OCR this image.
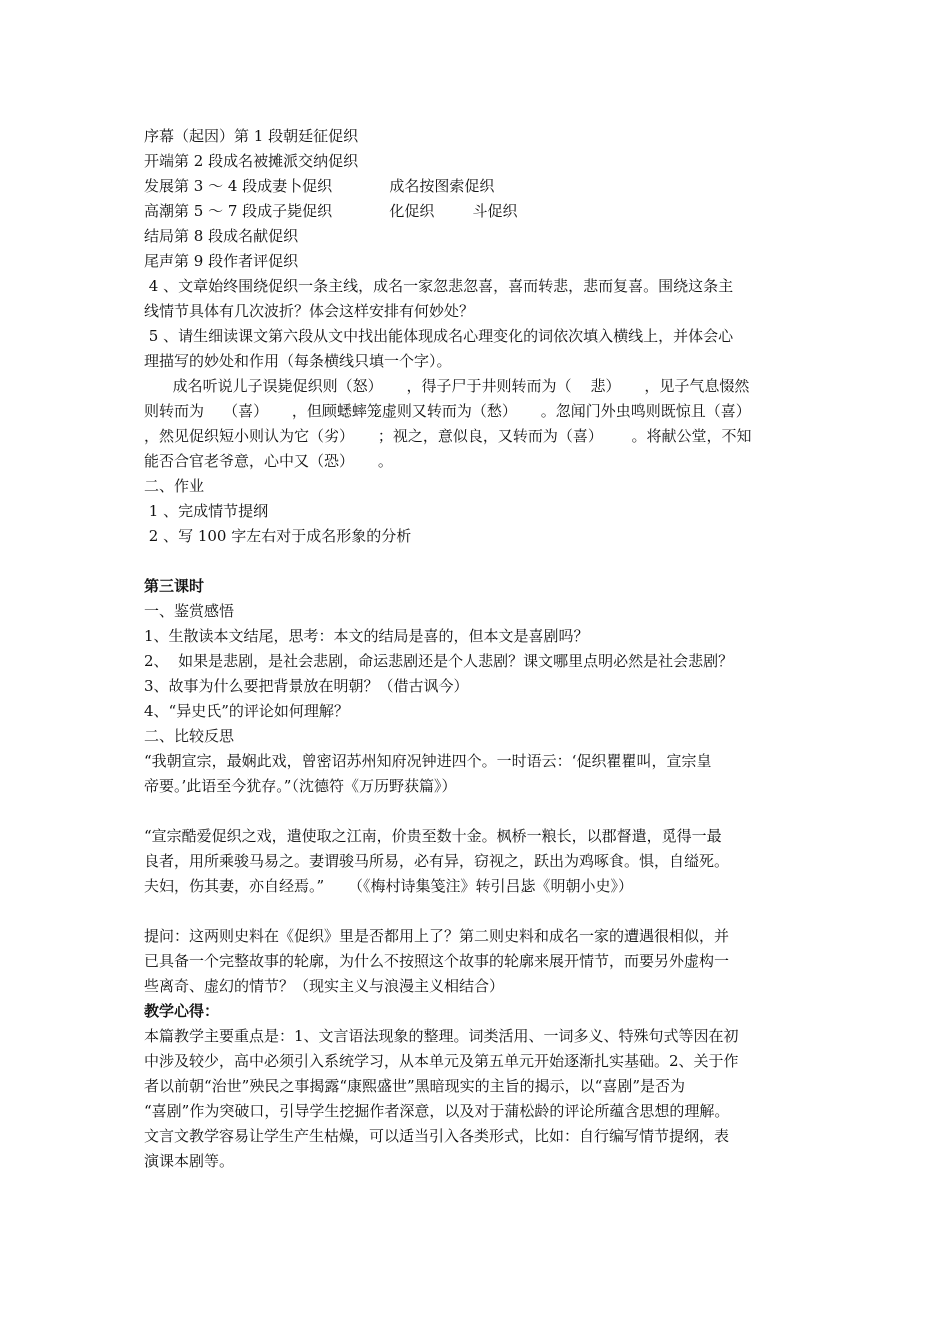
序幕（起因）第 1 段朝廷征促织

开端第 2 段成名被摊派交纳促织

发展第 3 ～ 4 段成妻卜促织            成名按图索促织

高潮第 5 ～ 7 段成子毙促织            化促织        斗促织

结局第 8 段成名献促织

尾声第 9 段作者评促织

4 、文章始终围绕促织一条主线，成名一家忽悲忽喜，喜而转悲，悲而复喜。围绕这条主

线情节具体有几次波折？体会这样安排有何妙处？

5 、请生细读课文第六段从文中找出能体现成名心理变化的词依次填入横线上，并体会心

理描写的妙处和作用（每条横线只填一个字）。

成名听说儿子误毙促织则（怒）     ，得子尸于井则转而为（    悲）     ，见子气息惙然

则转而为    （喜）     ，但顾蟋蟀笼虚则又转而为（愁）     。忽闻门外虫鸣则既惊且（喜）

，然见促织短小则认为它（劣）     ；视之，意似良，又转而为（喜）      。将献公堂，不知

能否合官老爷意，心中又（恐）     。

二、作业

1 、完成情节提纲

2 、写 100 字左右对于成名形象的分析

第三课时

一、鉴赏感悟

1、生散读本文结尾，思考：本文的结局是喜的，但本文是喜剧吗？

2、  如果是悲剧，是社会悲剧，命运悲剧还是个人悲剧？课文哪里点明必然是社会悲剧？

3、故事为什么要把背景放在明朝？（借古讽今）

4、“异史氏”的评论如何理解？

二、比较反思

“我朝宣宗，最娴此戏，曾密诏苏州知府况钟进四个。一时语云：‘促织瞿瞿叫，宣宗皇

帝要。’此语至今犹存。”（沈德符《万历野获篇》）

“宣宗酷爱促织之戏，遣使取之江南，价贵至数十金。枫桥一粮长，以郡督遣，觅得一最

良者，用所乘骏马易之。妻谓骏马所易，必有异，窃视之，跃出为鸡啄食。惧，自缢死。

夫妇，伤其妻，亦自经焉。”     （《梅村诗集笺注》转引吕毖《明朝小史》）

提问：这两则史料在《促织》里是否都用上了？第二则史料和成名一家的遭遇很相似，并

已具备一个完整故事的轮廓，为什么不按照这个故事的轮廓来展开情节，而要另外虚构一

些离奇、虚幻的情节？（现实主义与浪漫主义相结合）

教学心得：

本篇教学主要重点是：1、文言语法现象的整理。词类活用、一词多义、特殊句式等因在初

中涉及较少，高中必须引入系统学习，从本单元及第五单元开始逐渐扎实基础。2、关于作

者以前朝“治世”殃民之事揭露“康熙盛世”黑暗现实的主旨的揭示，以“喜剧”是否为

“喜剧”作为突破口，引导学生挖掘作者深意，以及对于蒲松龄的评论所蕴含思想的理解。

文言文教学容易让学生产生枯燥，可以适当引入各类形式，比如：自行编写情节提纲，表

演课本剧等。
